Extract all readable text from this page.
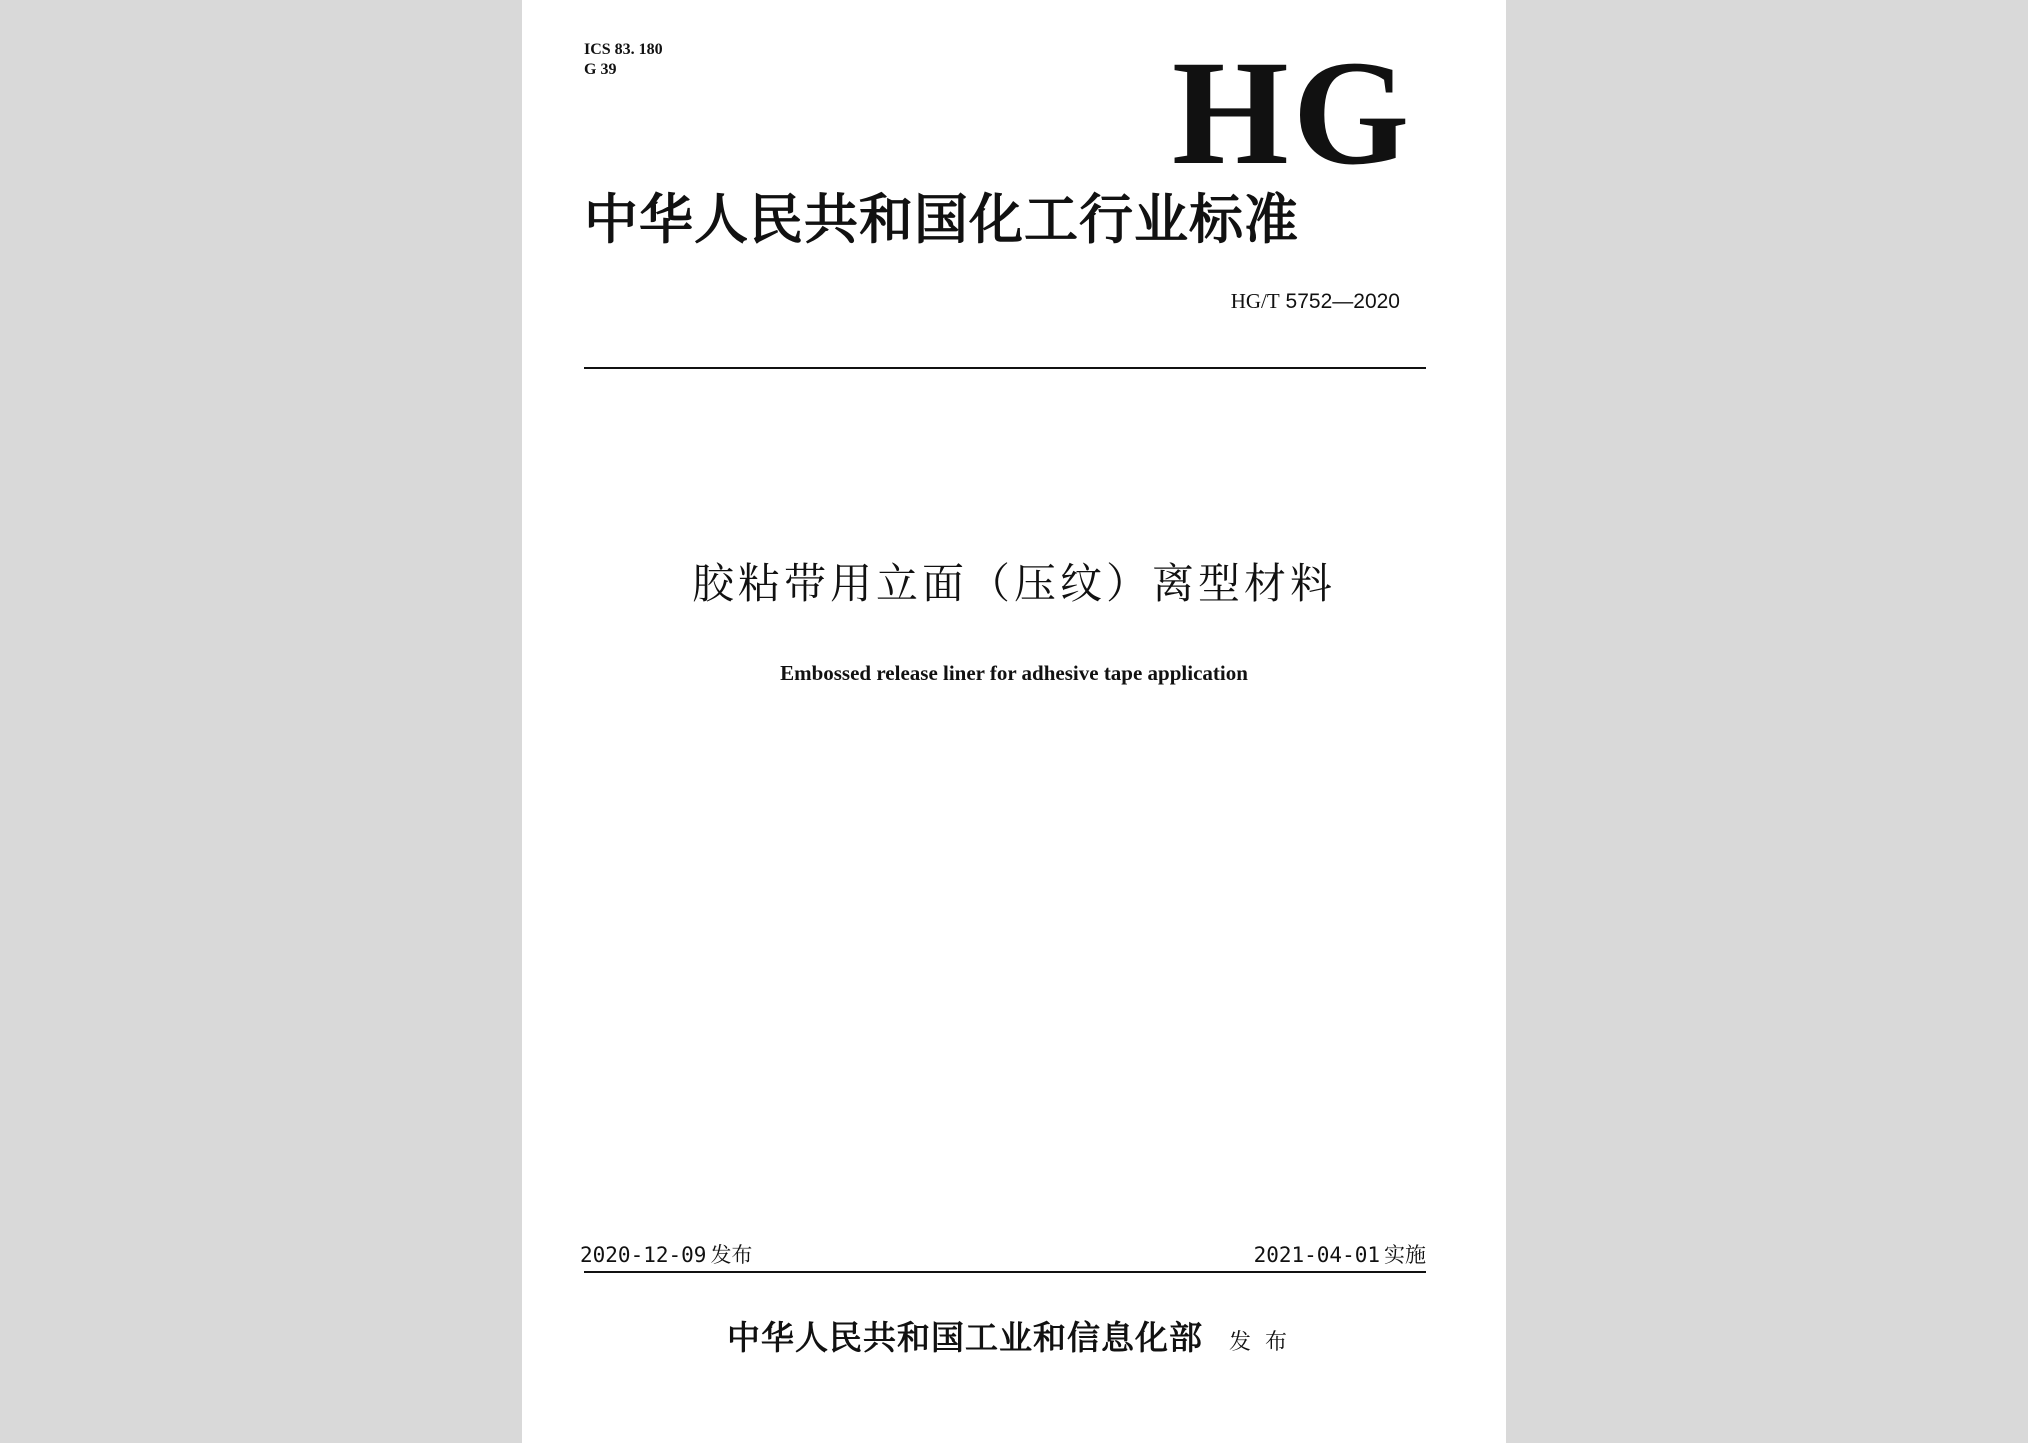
ICS 83. 180
G 39	HG
中华人民共和国化工行业标准
HG/T 5752—2020
胶粘带用立面（压纹）离型材料
Embossed release liner for adhesive tape application
2020-12-09 发布	2021-04-01 实施
中华人民共和国工业和信息化部 发布
